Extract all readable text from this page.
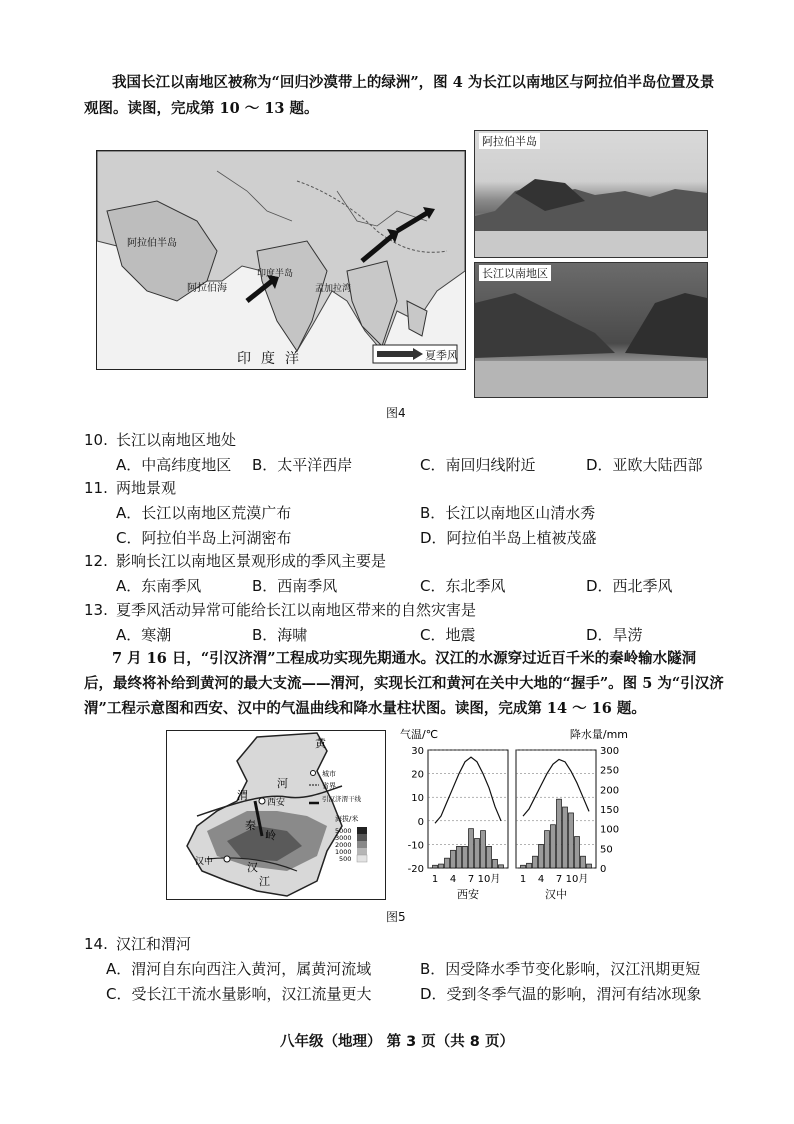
我国长江以南地区被称为“回归沙漠带上的绿洲”，图 4 为长江以南地区与阿拉伯半岛位置及景观图。读图，完成第 10 ～ 13 题。
夏季风
阿拉伯半岛
阿拉伯海
印度半岛
孟加拉湾
印度洋
阿拉伯半岛
长江以南地区
图4
10. 长江以南地区地处
A．中高纬度地区 B．太平洋西岸	C．南回归线附近	D．亚欧大陆西部
11. 两地景观
A．长江以南地区荒漠广布	B．长江以南地区山清水秀
C．阿拉伯半岛上河湖密布	D．阿拉伯半岛上植被茂盛
12. 影响长江以南地区景观形成的季风主要是
A．东南季风	B．西南季风	C．东北季风	D．西北季风
13. 夏季风活动异常可能给长江以南地区带来的自然灾害是
A．寒潮	B．海啸	C．地震	D．旱涝
7 月 16 日，“引汉济渭”工程成功实现先期通水。汉江的水源穿过近百千米的秦岭输水隧洞后，最终将补给到黄河的最大支流——渭河，实现长江和黄河在关中大地的“握手”。图 5 为“引汉济渭”工程示意图和西安、汉中的气温曲线和降水量柱状图。读图，完成第 14 ～ 16 题。
西安
汉中
渭
河
秦
岭
汉
江
黄
城市
省界
引汉济渭干线
海拔/米
5000
3000
2000
1000
500
气温/℃	降水量/mm
30
20
10
0
-10
-20
300
250
200
150
100
50
0
1 4 7 10月
西安
1 4 7 10月
汉中
图5
14. 汉江和渭河
A．渭河自东向西注入黄河，属黄河流域	B．因受降水季节变化影响，汉江汛期更短
C．受长江干流水量影响，汉江流量更大	D．受到冬季气温的影响，渭河有结冰现象
八年级（地理） 第 3 页（共 8 页）
